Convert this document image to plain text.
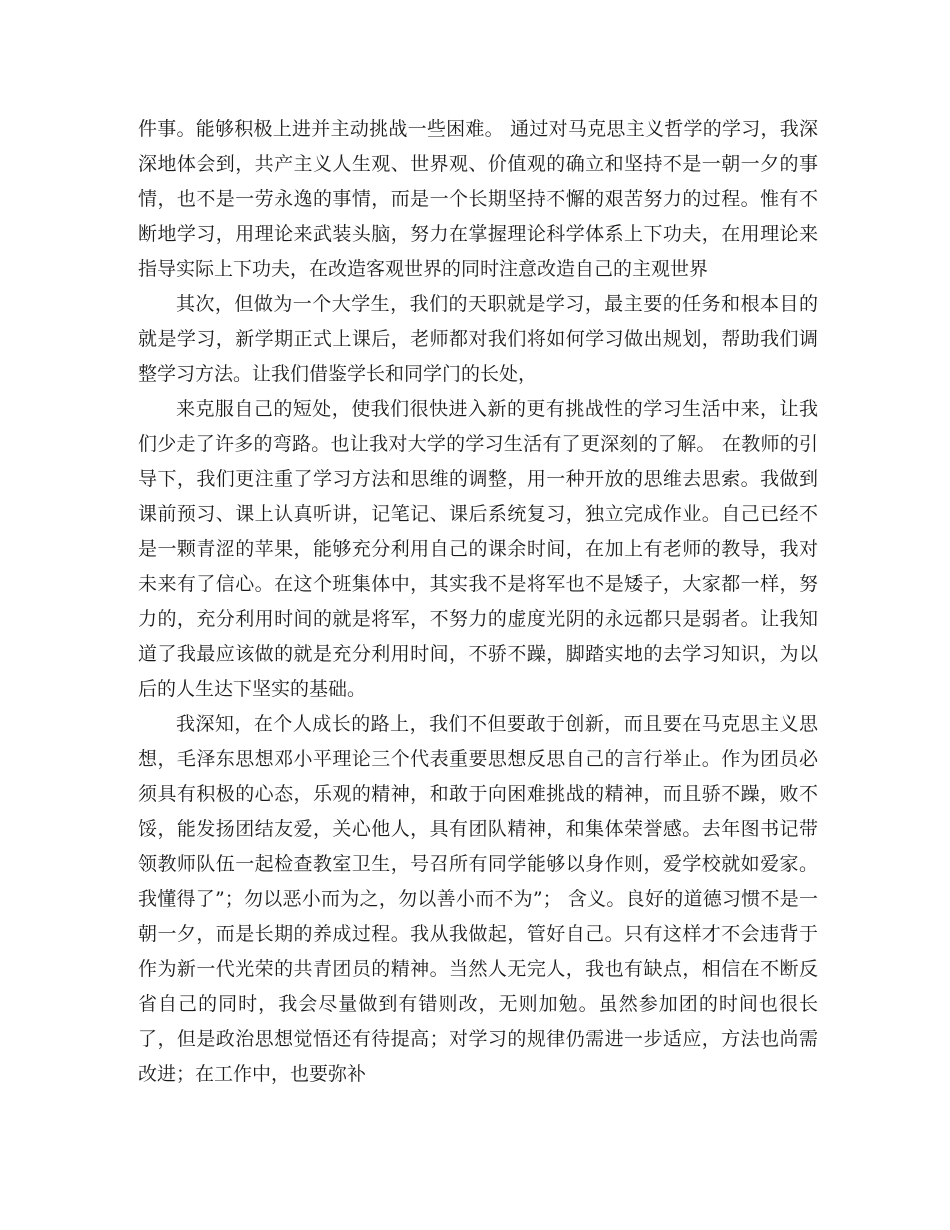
件事。能够积极上进并主动挑战一些困难。 通过对马克思主义哲学的学习，我深深地体会到，共产主义人生观、世界观、价值观的确立和坚持不是一朝一夕的事情，也不是一劳永逸的事情，而是一个长期坚持不懈的艰苦努力的过程。惟有不断地学习，用理论来武装头脑，努力在掌握理论科学体系上下功夫，在用理论来指导实际上下功夫，在改造客观世界的同时注意改造自己的主观世界

其次，但做为一个大学生，我们的天职就是学习，最主要的任务和根本目的就是学习，新学期正式上课后，老师都对我们将如何学习做出规划，帮助我们调整学习方法。让我们借鉴学长和同学门的长处，

来克服自己的短处，使我们很快进入新的更有挑战性的学习生活中来，让我们少走了许多的弯路。也让我对大学的学习生活有了更深刻的了解。 在教师的引导下，我们更注重了学习方法和思维的调整，用一种开放的思维去思索。我做到课前预习、课上认真听讲，记笔记、课后系统复习，独立完成作业。自己已经不是一颗青涩的苹果，能够充分利用自己的课余时间，在加上有老师的教导，我对未来有了信心。在这个班集体中，其实我不是将军也不是矮子，大家都一样，努力的，充分利用时间的就是将军，不努力的虚度光阴的永远都只是弱者。让我知道了我最应该做的就是充分利用时间，不骄不躁，脚踏实地的去学习知识，为以后的人生达下坚实的基础。

我深知，在个人成长的路上，我们不但要敢于创新，而且要在马克思主义思想，毛泽东思想邓小平理论三个代表重要思想反思自己的言行举止。作为团员必须具有积极的心态，乐观的精神，和敢于向困难挑战的精神，而且骄不躁，败不馁，能发扬团结友爱，关心他人，具有团队精神，和集体荣誉感。去年图书记带领教师队伍一起检查教室卫生，号召所有同学能够以身作则，爱学校就如爱家。我懂得了”；勿以恶小而为之，勿以善小而不为”； 含义。良好的道德习惯不是一朝一夕，而是长期的养成过程。我从我做起，管好自己。只有这样才不会违背于作为新一代光荣的共青团员的精神。当然人无完人，我也有缺点，相信在不断反省自己的同时，我会尽量做到有错则改，无则加勉。虽然参加团的时间也很长了，但是政治思想觉悟还有待提高；对学习的规律仍需进一步适应，方法也尚需改进；在工作中，也要弥补
